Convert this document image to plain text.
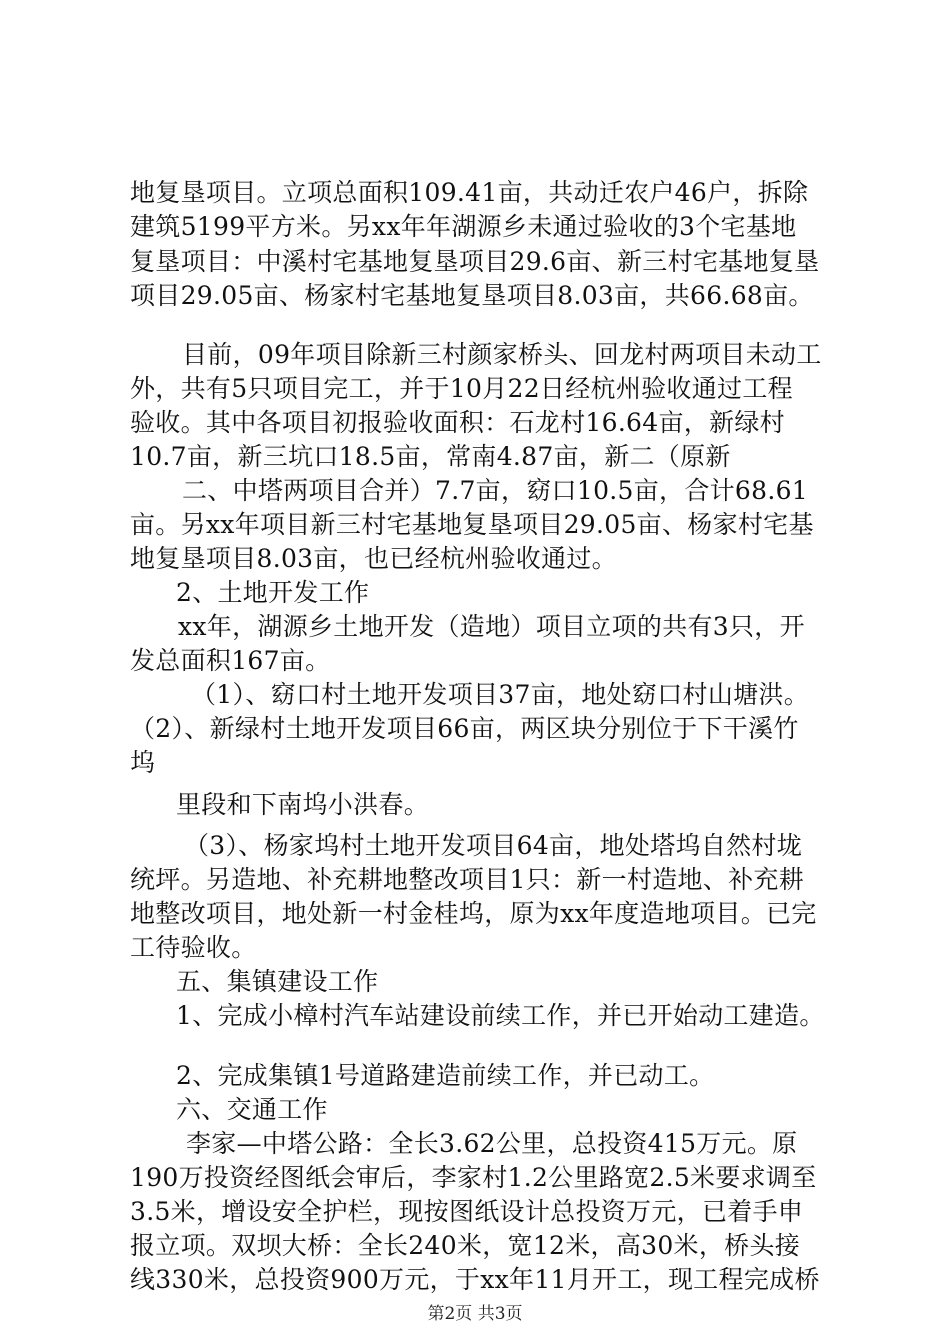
地复垦项目。立项总面积109.41亩，共动迁农户46户，拆除
建筑5199平方米。另xx年年湖源乡未通过验收的3个宅基地
复垦项目：中溪村宅基地复垦项目29.6亩、新三村宅基地复垦
项目29.05亩、杨家村宅基地复垦项目8.03亩，共66.68亩。
目前，09年项目除新三村颜家桥头、回龙村两项目未动工
外，共有5只项目完工，并于10月22日经杭州验收通过工程
验收。其中各项目初报验收面积：石龙村16.64亩，新绿村
10.7亩，新三坑口18.5亩，常南4.87亩，新二（原新
二、中塔两项目合并）7.7亩，窈口10.5亩，合计68.61
亩。另xx年项目新三村宅基地复垦项目29.05亩、杨家村宅基
地复垦项目8.03亩，也已经杭州验收通过。
2、土地开发工作
xx年，湖源乡土地开发（造地）项目立项的共有3只，开
发总面积167亩。
（1）、窈口村土地开发项目37亩，地处窈口村山塘洪。
（2）、新绿村土地开发项目66亩，两区块分别位于下干溪竹
坞
里段和下南坞小洪春。
（3）、杨家坞村土地开发项目64亩，地处塔坞自然村垅
统坪。另造地、补充耕地整改项目1只：新一村造地、补充耕
地整改项目，地处新一村金桂坞，原为xx年度造地项目。已完
工待验收。
五、集镇建设工作
1、完成小樟村汽车站建设前续工作，并已开始动工建造。
2、完成集镇1号道路建造前续工作，并已动工。
六、交通工作
李家—中塔公路：全长3.62公里，总投资415万元。原
190万投资经图纸会审后，李家村1.2公里路宽2.5米要求调至
3.5米，增设安全护栏，现按图纸设计总投资万元，已着手申
报立项。双坝大桥：全长240米，宽12米，高30米，桥头接
线330米，总投资900万元，于xx年11月开工，现工程完成桥
第2页 共3页
